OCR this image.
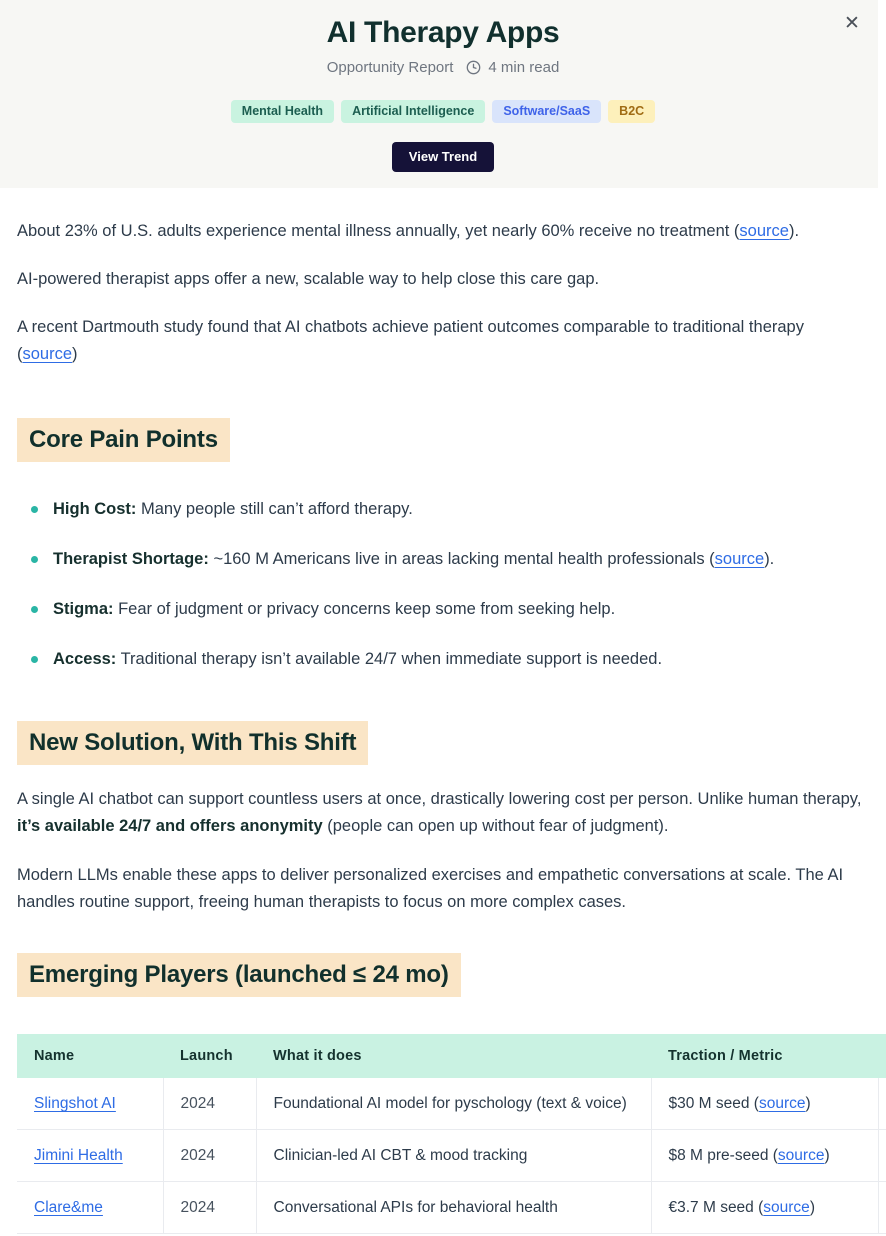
✕
AI Therapy Apps
Opportunity Report 4 min read
Mental Health	Artificial Intelligence	Software/SaaS	B2C
View Trend

About 23% of U.S. adults experience mental illness annually, yet nearly 60% receive no treatment (source).

AI-powered therapist apps offer a new, scalable way to help close this care gap.

A recent Dartmouth study found that AI chatbots achieve patient outcomes comparable to traditional therapy (source)

Core Pain Points
High Cost: Many people still can’t afford therapy.
Therapist Shortage: ~160 M Americans live in areas lacking mental health professionals (source).
Stigma: Fear of judgment or privacy concerns keep some from seeking help.
Access: Traditional therapy isn’t available 24/7 when immediate support is needed.
New Solution, With This Shift

A single AI chatbot can support countless users at once, drastically lowering cost per person. Unlike human therapy, it’s available 24/7 and offers anonymity (people can open up without fear of judgment).

Modern LLMs enable these apps to deliver personalized exercises and empathetic conversations at scale. The AI handles routine support, freeing human therapists to focus on more complex cases.

Emerging Players (launched ≤ 24 mo)
Name	Launch	What it does	Traction / Metric	
Slingshot AI	2024	Foundational AI model for pyschology (text & voice)	$30 M seed (source)	
Jimini Health	2024	Clinician-led AI CBT & mood tracking	$8 M pre-seed (source)	
Clare&me	2024	Conversational APIs for behavioral health	€3.7 M seed (source)	
